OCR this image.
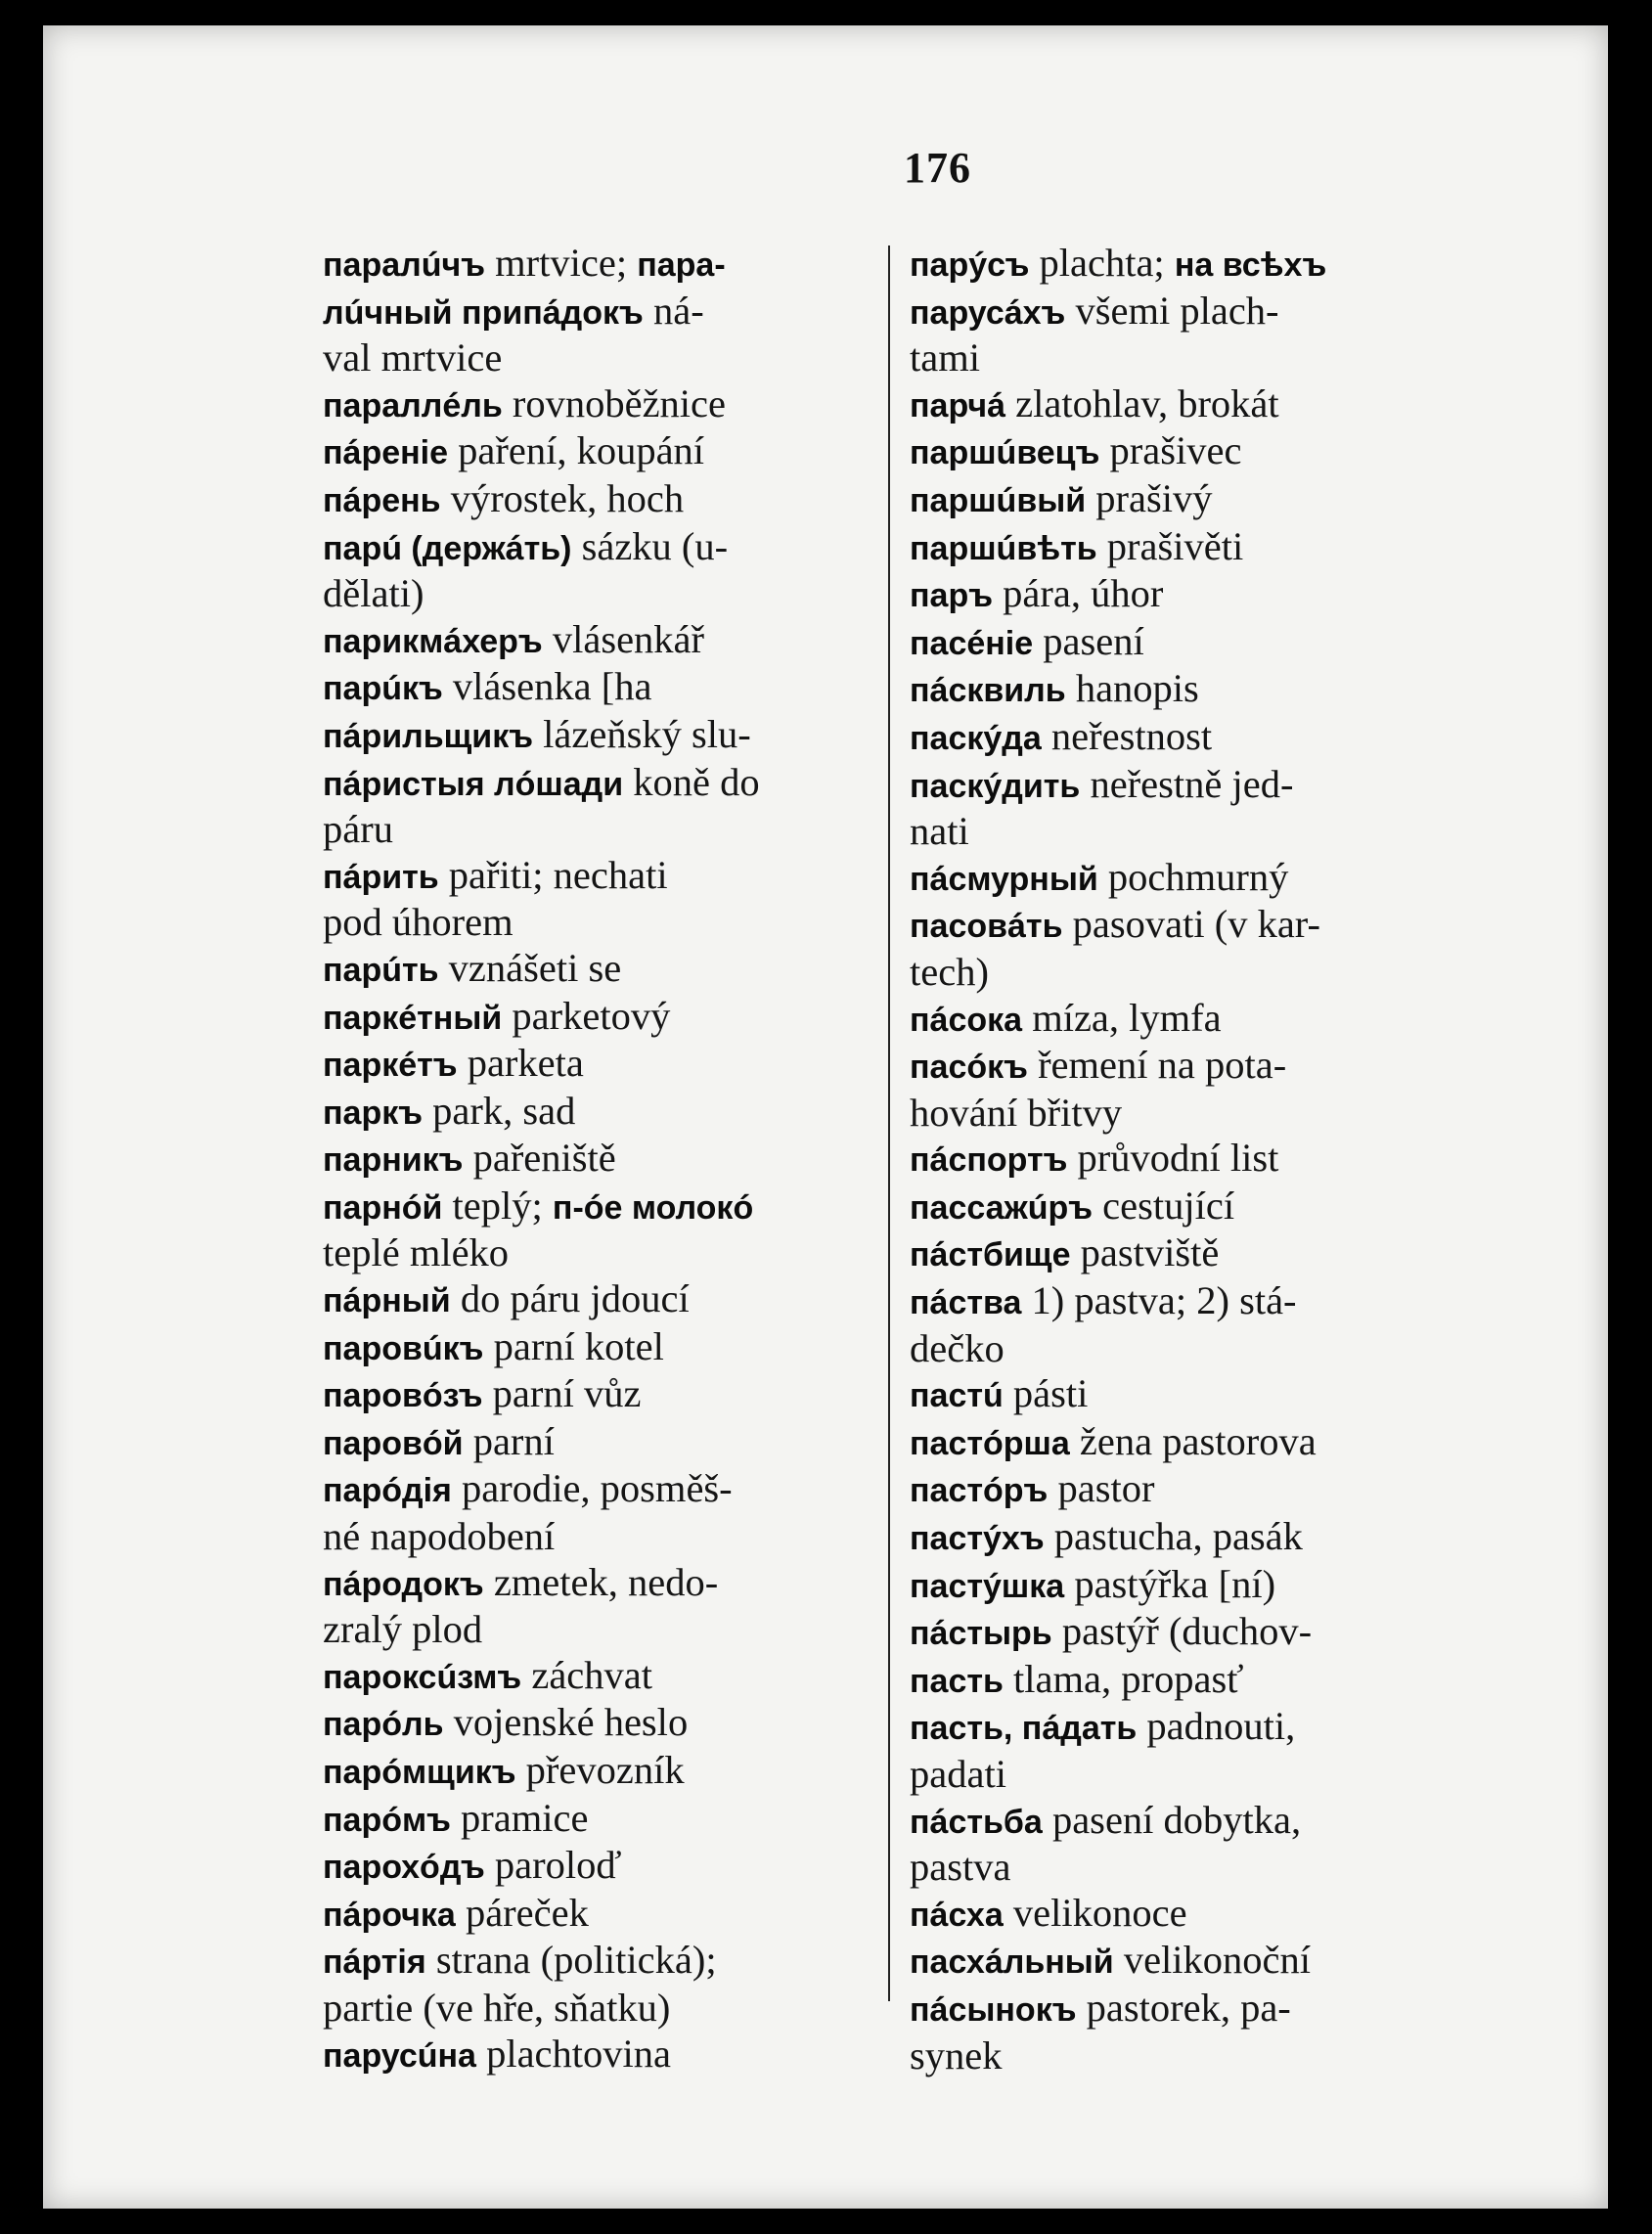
176
паралúчъ mrtvice; пара-
лúчный припáдокъ ná-
val mrtvice
параллéль rovnoběžnice
пáреніе pаření, koupání
пáрень výrostek, hoch
парú (держáть) sázku (u-
dělati)
парикмáхеръ vlásenkář
парúкъ vlásenka [ha
пáрильщикъ lázeňský slu-
пáристыя лóшади koně do
páru
пáрить pařiti; nechati
pod úhorem
парúть vznášeti se
паркéтный parketový
паркéтъ parketa
паркъ park, sad
парникъ pařeniště
парнóй teplý; п-óе молокó
teplé mléko
пáрный do páru jdoucí
паровúкъ parní kotel
паровóзъ parní vůz
паровóй parní
парóдія parodie, posměš-
né napodobení
пáродокъ zmetek, nedo-
zralý plod
пароксúзмъ záchvat
парóль vojenské heslo
парóмщикъ převozník
парóмъ pramice
парохóдъ paroloď
пáрочка páreček
пáртія strana (politická);
partie (ve hře, sňatku)
парусúна plachtovina
парýсъ plachta; на всѣхъ
парусáхъ všemi plach-
tami
парчá zlatohlav, brokát
паршúвецъ prašivec
паршúвый prašivý
паршúвѣть prašivěti
паръ pára, úhor
пасéніе pasení
пáсквиль hanopis
паскýда neřestnost
паскýдить neřestně jed-
nati
пáсмурный pochmurný
пасовáть pasovati (v kar-
tech)
пáсока míza, lymfa
пасóкъ řemení na pota-
hování břitvy
пáспортъ průvodní list
пассажúръ cestující
пáстбище pastviště
пáства 1) pastva; 2) stá-
dečko
пастú pásti
пастóрша žena pastorova
пастóръ pastor
пастýхъ pastucha, pasák
пастýшка pastýřka [ní)
пáстырь pastýř (duchov-
пасть tlama, propasť
пасть, пáдать padnouti,
padati
пáстьба pasení dobytka,
pastva
пáсха velikonoce
пасхáльный velikonoční
пáсынокъ pastorek, pa-
synek
